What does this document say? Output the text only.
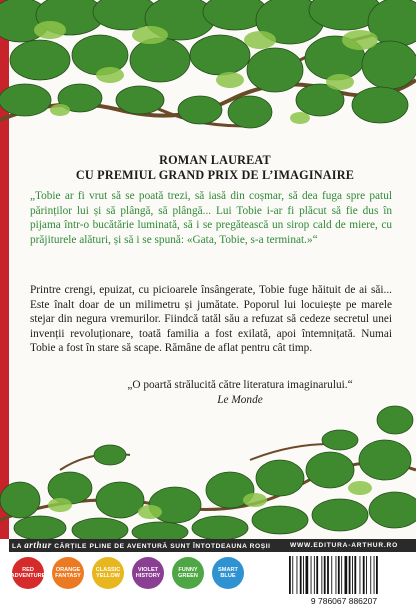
ROMAN LAUREAT
CU PREMIUL GRAND PRIX DE L’IMAGINAIRE
„Tobie ar fi vrut să se poată trezi, să iasă din coșmar, să dea fuga spre patul părinților lui și să plângă, să plângă... Lui Tobie i-ar fi plăcut să fie dus în pijama într-o bucătărie luminată, să i se pregătească un sirop cald de miere, cu prăjiturele alături, și să i se spună: «Gata, Tobie, s-a terminat.»“
Printre crengi, epuizat, cu picioarele însângerate, Tobie fuge hăituit de ai săi... Este înalt doar de un milimetru și jumătate. Poporul lui locuiește pe marele stejar din negura vremurilor. Fiindcă tatăl său a refuzat să cedeze secretul unei invenții revoluționare, toată familia a fost exilată, apoi întemnițată. Numai Tobie a fost în stare să scape. Rămâne de aflat pentru cât timp.
„O poartă strălucită către literatura imaginarului.“
Le Monde
LA arthur CĂRȚILE PLINE DE AVENTURĂ SUNT ÎNTOTDEAUNA ROȘII	WWW.EDITURA-ARTHUR.RO
RED
ADVENTURE
ORANGE
FANTASY
CLASSIC
YELLOW
VIOLET
HISTORY
FUNNY
GREEN
SMART
BLUE
9 786067 886207
